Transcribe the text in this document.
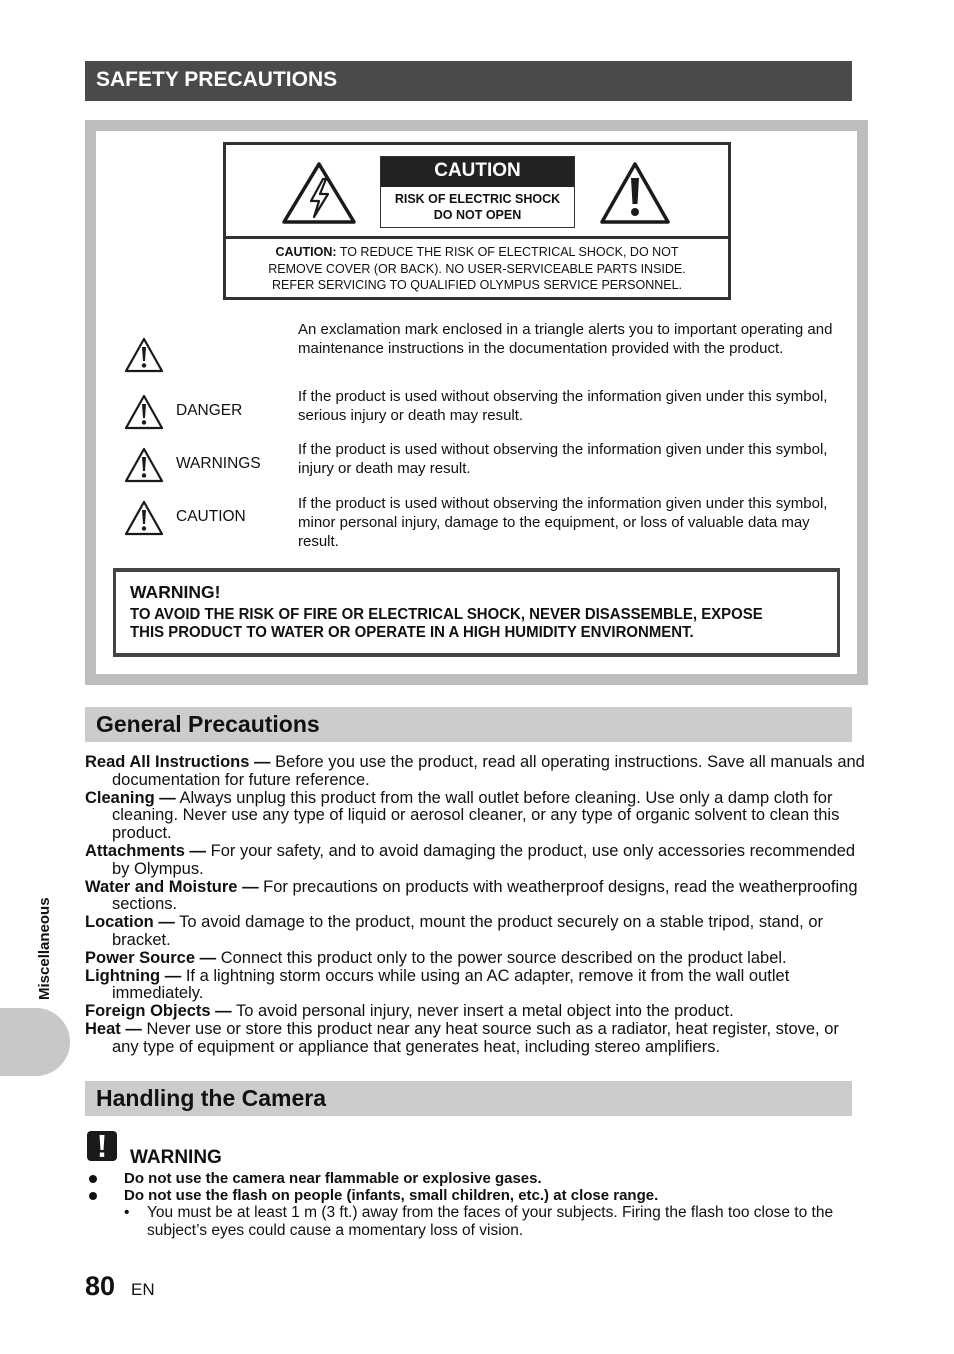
SAFETY PRECAUTIONS
CAUTION
RISK OF ELECTRIC SHOCK
DO NOT OPEN
CAUTION: TO REDUCE THE RISK OF ELECTRICAL SHOCK, DO NOT
REMOVE COVER (OR BACK). NO USER-SERVICEABLE PARTS INSIDE.
REFER SERVICING TO QUALIFIED OLYMPUS SERVICE PERSONNEL.
An exclamation mark enclosed in a triangle alerts you to important operating and maintenance instructions in the documentation provided with the product.
DANGER
If the product is used without observing the information given under this symbol, serious injury or death may result.
WARNINGS
If the product is used without observing the information given under this symbol, injury or death may result.
CAUTION
If the product is used without observing the information given under this symbol, minor personal injury, damage to the equipment, or loss of valuable data may result.
WARNING!
TO AVOID THE RISK OF FIRE OR ELECTRICAL SHOCK, NEVER DISASSEMBLE, EXPOSE
THIS PRODUCT TO WATER OR OPERATE IN A HIGH HUMIDITY ENVIRONMENT.
General Precautions
Read All Instructions — Before you use the product, read all operating instructions. Save all manuals and documentation for future reference.
Cleaning — Always unplug this product from the wall outlet before cleaning. Use only a damp cloth for cleaning. Never use any type of liquid or aerosol cleaner, or any type of organic solvent to clean this product.
Attachments — For your safety, and to avoid damaging the product, use only accessories recommended by Olympus.
Water and Moisture — For precautions on products with weatherproof designs, read the weatherproofing sections.
Location — To avoid damage to the product, mount the product securely on a stable tripod, stand, or bracket.
Power Source — Connect this product only to the power source described on the product label.
Lightning — If a lightning storm occurs while using an AC adapter, remove it from the wall outlet immediately.
Foreign Objects — To avoid personal injury, never insert a metal object into the product.
Heat — Never use or store this product near any heat source such as a radiator, heat register, stove, or any type of equipment or appliance that generates heat, including stereo amplifiers.
Miscellaneous
Handling the Camera
WARNING
Do not use the camera near flammable or explosive gases.
Do not use the flash on people (infants, small children, etc.) at close range.
•	You must be at least 1 m (3 ft.) away from the faces of your subjects. Firing the flash too close to the subject’s eyes could cause a momentary loss of vision.
80 EN
